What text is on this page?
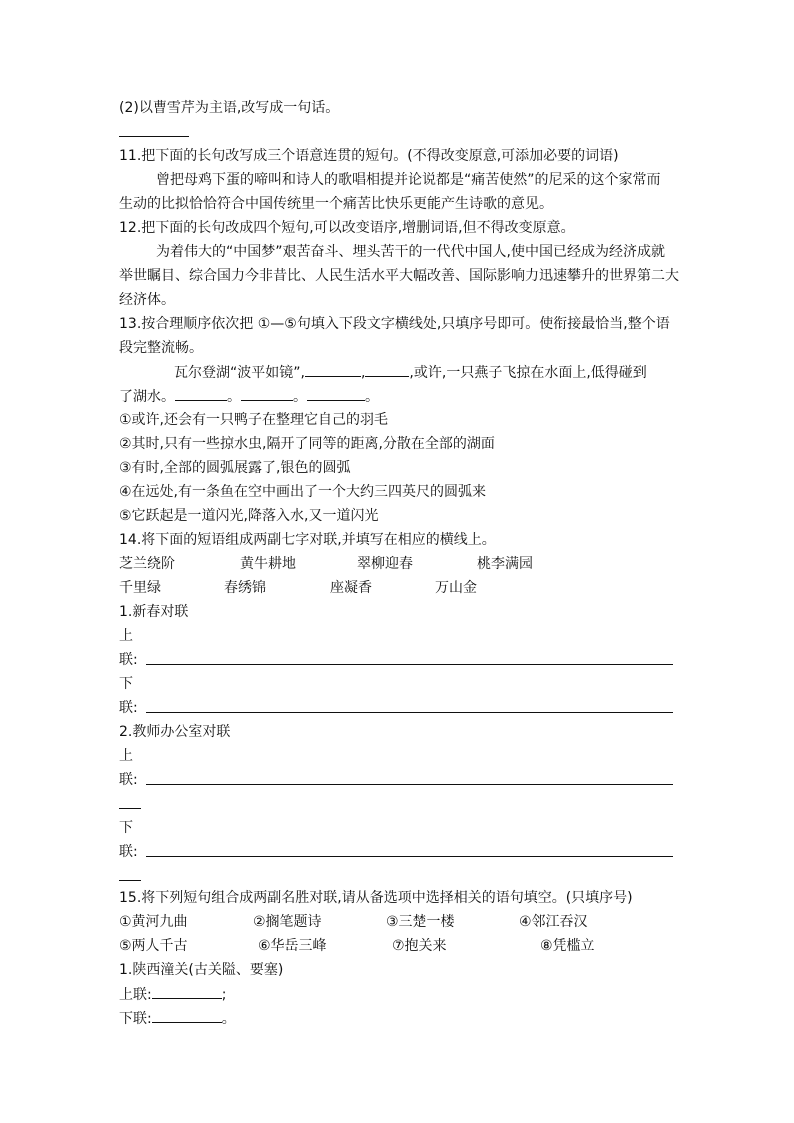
(2)以曹雪芹为主语,改写成一句话。
11.把下面的长句改写成三个语意连贯的短句。(不得改变原意,可添加必要的词语)
曾把母鸡下蛋的啼叫和诗人的歌唱相提并论说都是“痛苦使然”的尼采的这个家常而
生动的比拟恰恰符合中国传统里一个痛苦比快乐更能产生诗歌的意见。
12.把下面的长句改成四个短句,可以改变语序,增删词语,但不得改变原意。
为着伟大的“中国梦”艰苦奋斗、埋头苦干的一代代中国人,使中国已经成为经济成就
举世瞩目、综合国力今非昔比、人民生活水平大幅改善、国际影响力迅速攀升的世界第二大
经济体。
13.按合理顺序依次把 ①—⑤句填入下段文字横线处,只填序号即可。使衔接最恰当,整个语
段完整流畅。
瓦尔登湖“波平如镜”,	,	,或许,一只燕子飞掠在水面上,低得碰到
了湖水。	。	。	。
①或许,还会有一只鸭子在整理它自己的羽毛
②其时,只有一些掠水虫,隔开了同等的距离,分散在全部的湖面
③有时,全部的圆弧展露了,银色的圆弧
④在远处,有一条鱼在空中画出了一个大约三四英尺的圆弧来
⑤它跃起是一道闪光,降落入水,又一道闪光
14.将下面的短语组成两副七字对联,并填写在相应的横线上。
芝兰绕阶	黄牛耕地	翠柳迎春	桃李满园
千里绿	春绣锦	座凝香	万山金
1.新春对联
上
联:
下
联:
2.教师办公室对联
上
联:
下
联:
15.将下列短句组合成两副名胜对联,请从备选项中选择相关的语句填空。(只填序号)
①黄河九曲	②搁笔题诗	③三楚一楼	④邻江吞汉
⑤两人千古	⑥华岳三峰	⑦抱关来	⑧凭槛立
1.陕西潼关(古关隘、要塞)
上联:	;
下联:	。
